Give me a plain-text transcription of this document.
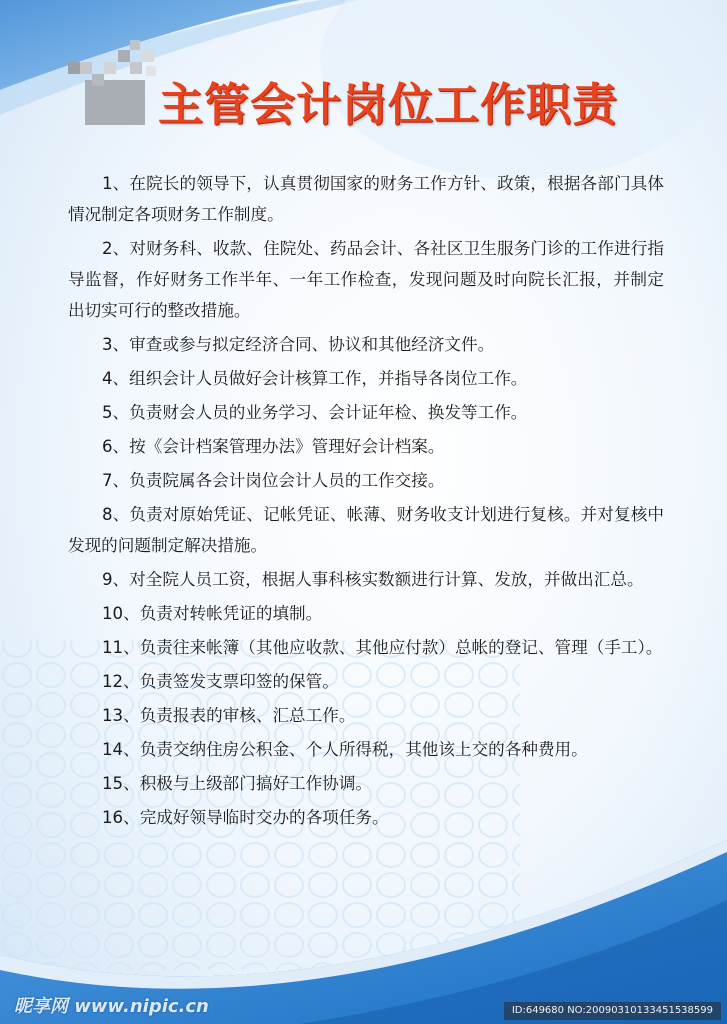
主管会计岗位工作职责

1、在院长的领导下，认真贯彻国家的财务工作方针、政策，根据各部门具体情况制定各项财务工作制度。

2、对财务科、收款、住院处、药品会计、各社区卫生服务门诊的工作进行指导监督，作好财务工作半年、一年工作检查，发现问题及时向院长汇报，并制定出切实可行的整改措施。

3、审查或参与拟定经济合同、协议和其他经济文件。

4、组织会计人员做好会计核算工作，并指导各岗位工作。

5、负责财会人员的业务学习、会计证年检、换发等工作。

6、按《会计档案管理办法》管理好会计档案。

7、负责院属各会计岗位会计人员的工作交接。

8、负责对原始凭证、记帐凭证、帐薄、财务收支计划进行复核。并对复核中发现的问题制定解决措施。

9、对全院人员工资，根据人事科核实数额进行计算、发放，并做出汇总。

10、负责对转帐凭证的填制。

11、负责往来帐簿（其他应收款、其他应付款）总帐的登记、管理（手工）。

12、负责签发支票印签的保管。

13、负责报表的审核、汇总工作。

14、负责交纳住房公积金、个人所得税，其他该上交的各种费用。

15、积极与上级部门搞好工作协调。

16、完成好领导临时交办的各项任务。

昵享网 www.nipic.cn	ID:649680 NO:20090310133451538599
